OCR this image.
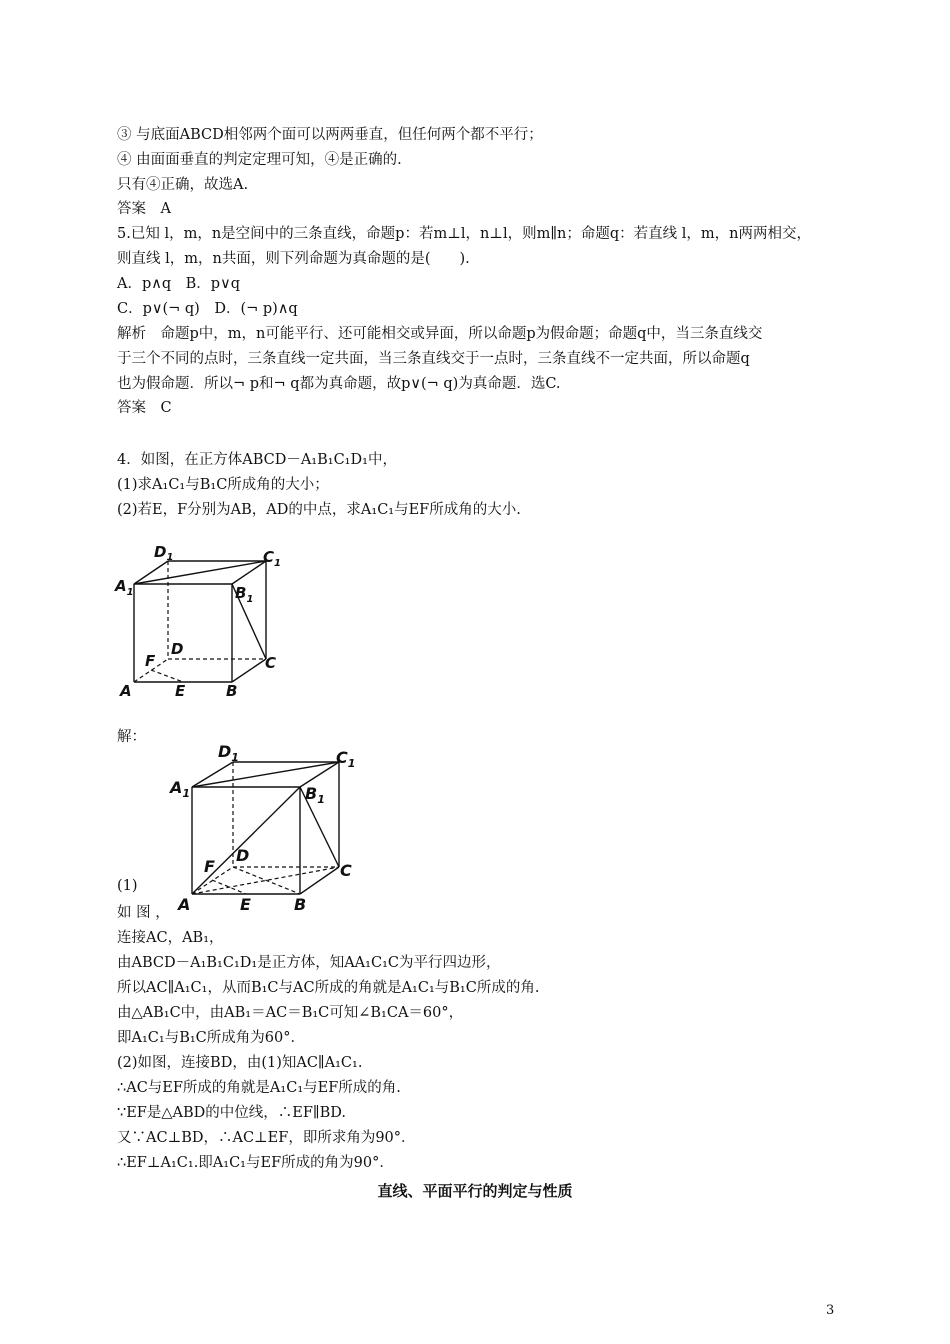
③ 与底面ABCD相邻两个面可以两两垂直，但任何两个都不平行；
④ 由面面垂直的判定定理可知，④是正确的.
只有④正确，故选A.
答案　A
5.已知 l，m，n是空间中的三条直线，命题p：若m⊥l，n⊥l，则m∥n；命题q：若直线 l，m，n两两相交，
则直线 l，m，n共面，则下列命题为真命题的是(　　).
A．p∧q　B．p∨q
C．p∨(¬ q)　D．(¬ p)∧q
解析　命题p中，m，n可能平行、还可能相交或异面，所以命题p为假命题；命题q中，当三条直线交
于三个不同的点时，三条直线一定共面，当三条直线交于一点时，三条直线不一定共面，所以命题q
也为假命题．所以¬ p和¬ q都为真命题，故p∨(¬ q)为真命题．选C.
答案　C
4．如图，在正方体ABCD－A₁B₁C₁D₁中，
(1)求A₁C₁与B₁C所成角的大小；
(2)若E，F分别为AB，AD的中点，求A₁C₁与EF所成角的大小.
解：
(1)
如 图 ，
连接AC，AB₁，
由ABCD－A₁B₁C₁D₁是正方体，知AA₁C₁C为平行四边形，
所以AC∥A₁C₁，从而B₁C与AC所成的角就是A₁C₁与B₁C所成的角.
由△AB₁C中，由AB₁＝AC＝B₁C可知∠B₁CA＝60°，
即A₁C₁与B₁C所成角为60°．
(2)如图，连接BD，由(1)知AC∥A₁C₁.
∴AC与EF所成的角就是A₁C₁与EF所成的角.
∵EF是△ABD的中位线，∴EF∥BD.
又∵AC⊥BD，∴AC⊥EF，即所求角为90°．
∴EF⊥A₁C₁.即A₁C₁与EF所成的角为90°．
$D_1$	$C_1$
$A_1$	$B_1$
D
F	C
A	E	B
$D_1$	$C_1$
$A_1$	$B_1$
D
F	C
A	E	B
直线、平面平行的判定与性质
3
